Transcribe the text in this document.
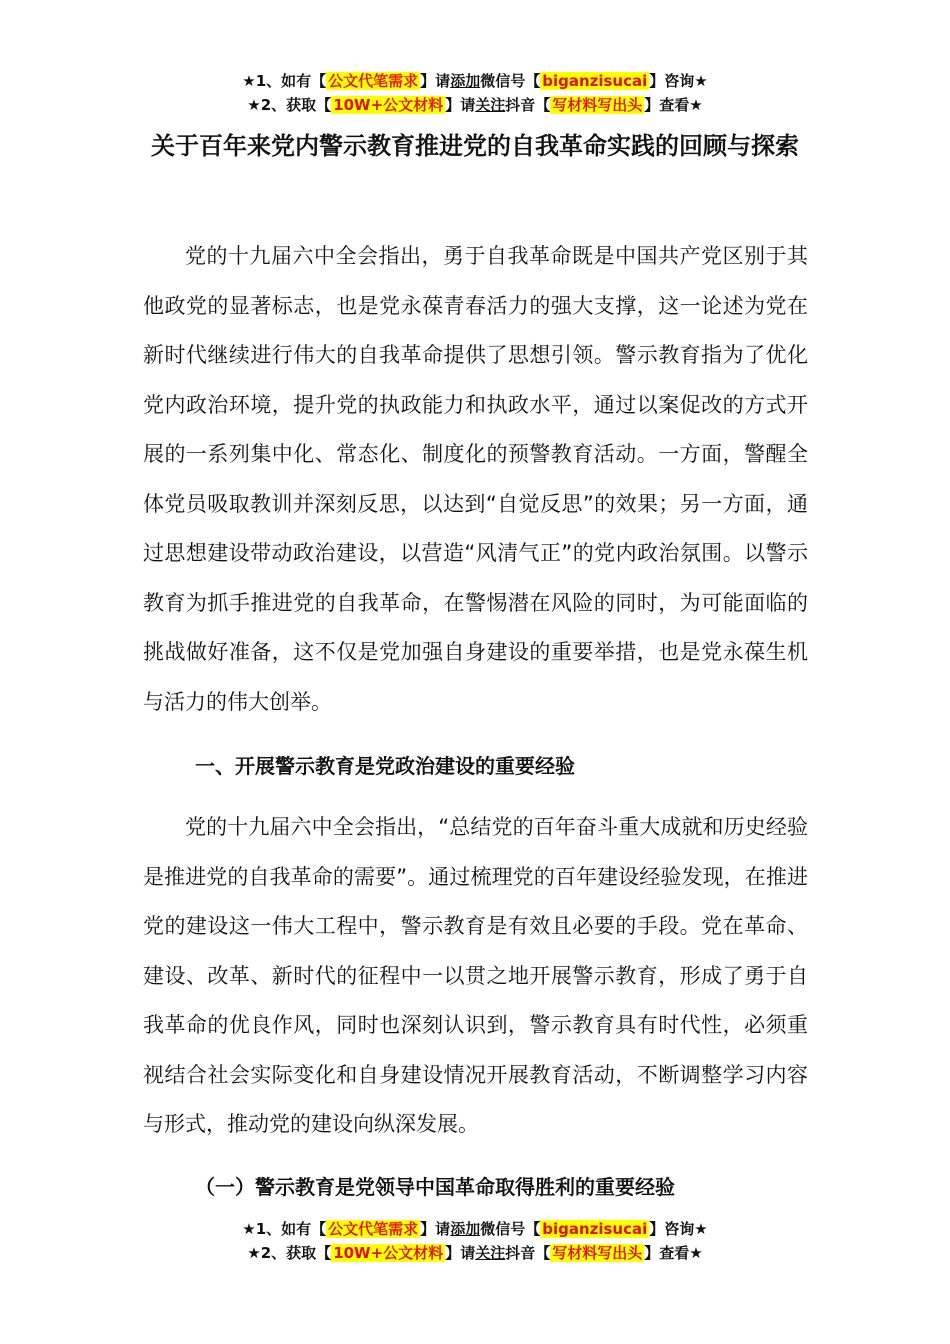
★1、如有【 公文代笔需求 】请添加微信号【 biganzisucai 】咨询★
★2、获取【 10W+公文材料 】请关注抖音【 写材料写出头 】查看★
关于百年来党内警示教育推进党的自我革命实践的回顾与探索

党的十九届六中全会指出，勇于自我革命既是中国共产党区别于其他政党的显著标志，也是党永葆青春活力的强大支撑，这一论述为党在新时代继续进行伟大的自我革命提供了思想引领。警示教育指为了优化党内政治环境，提升党的执政能力和执政水平，通过以案促改的方式开展的一系列集中化、常态化、制度化的预警教育活动。一方面，警醒全体党员吸取教训并深刻反思，以达到“自觉反思”的效果；另一方面，通过思想建设带动政治建设，以营造“风清气正”的党内政治氛围。以警示教育为抓手推进党的自我革命，在警惕潜在风险的同时，为可能面临的挑战做好准备，这不仅是党加强自身建设的重要举措，也是党永葆生机与活力的伟大创举。

一、开展警示教育是党政治建设的重要经验

党的十九届六中全会指出，“总结党的百年奋斗重大成就和历史经验是推进党的自我革命的需要”。通过梳理党的百年建设经验发现，在推进党的建设这一伟大工程中，警示教育是有效且必要的手段。党在革命、建设、改革、新时代的征程中一以贯之地开展警示教育，形成了勇于自我革命的优良作风，同时也深刻认识到，警示教育具有时代性，必须重视结合社会实际变化和自身建设情况开展教育活动，不断调整学习内容与形式，推动党的建设向纵深发展。

（一）警示教育是党领导中国革命取得胜利的重要经验
★1、如有【 公文代笔需求 】请添加微信号【 biganzisucai 】咨询★
★2、获取【 10W+公文材料 】请关注抖音【 写材料写出头 】查看★
